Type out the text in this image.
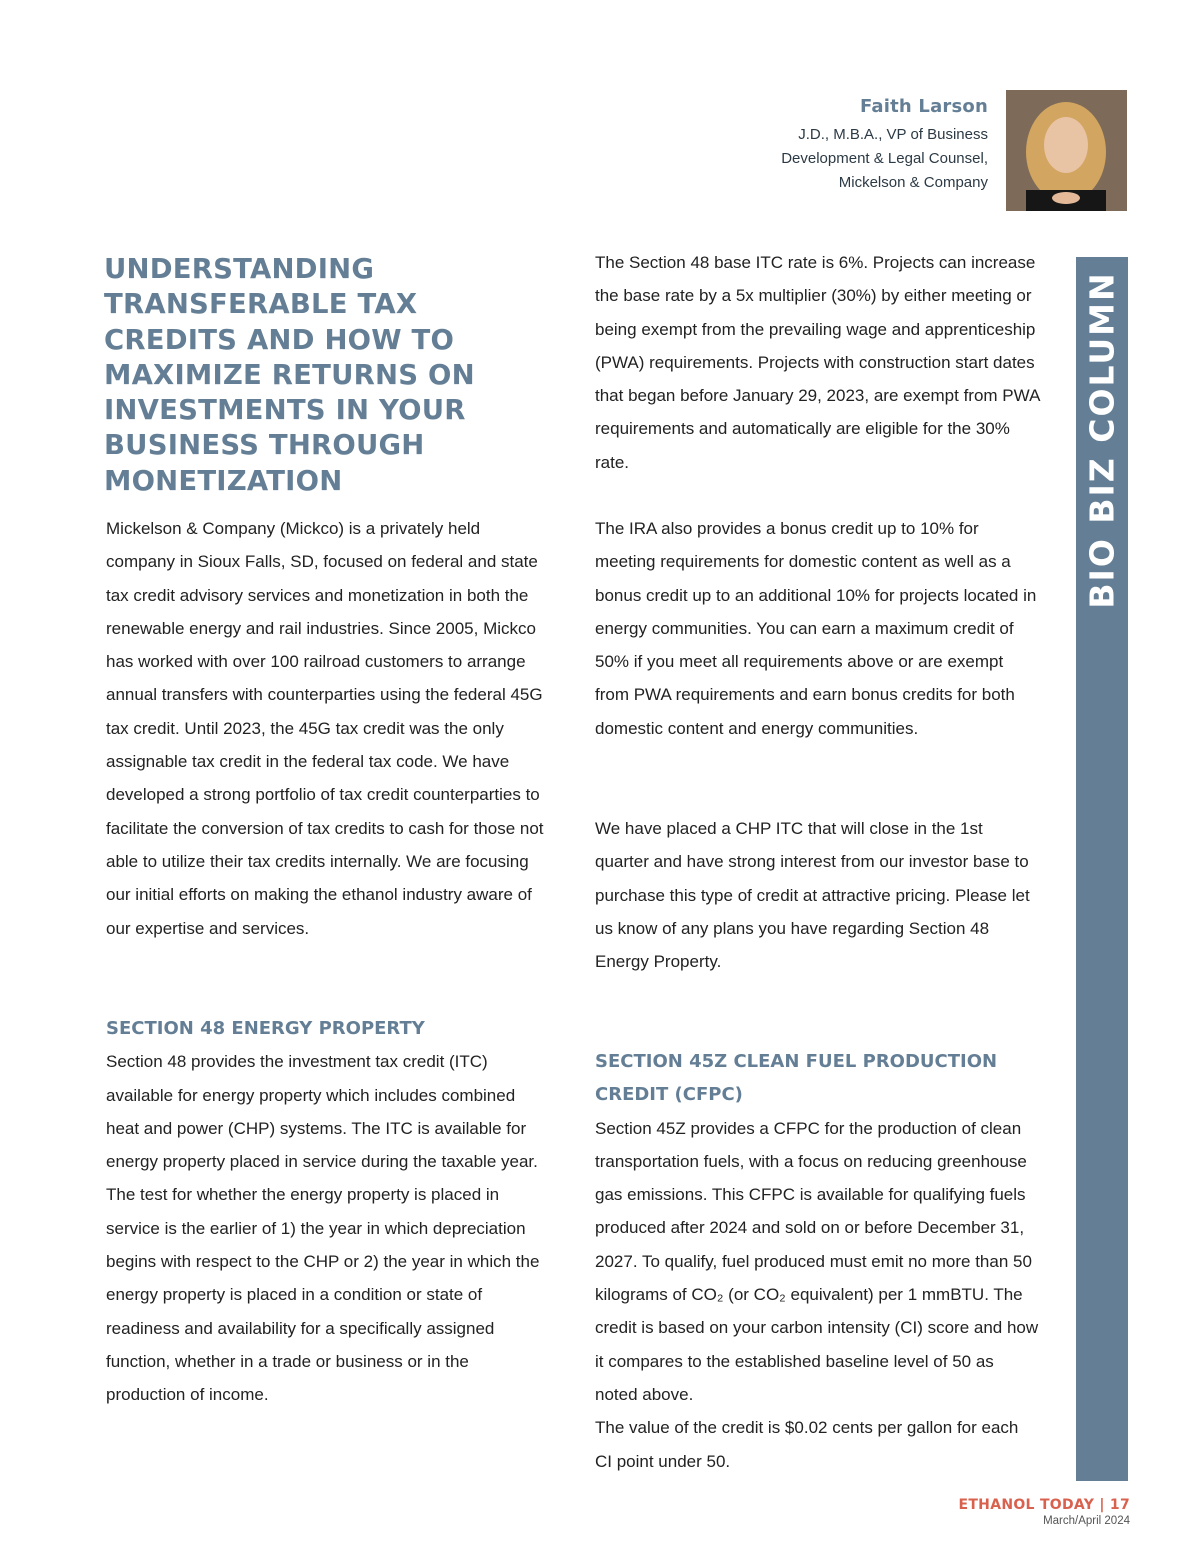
Faith Larson
J.D., M.B.A., VP of Business
Development & Legal Counsel,
Mickelson & Company
BIO BIZ COLUMN
UNDERSTANDING TRANSFERABLE TAX CREDITS AND HOW TO MAXIMIZE RETURNS ON INVESTMENTS IN YOUR BUSINESS THROUGH MONETIZATION

Mickelson & Company (Mickco) is a privately held company in Sioux Falls, SD, focused on federal and state tax credit advisory services and monetization in both the renewable energy and rail industries. Since 2005, Mickco has worked with over 100 railroad customers to arrange annual transfers with counterparties using the federal 45G tax credit. Until 2023, the 45G tax credit was the only assignable tax credit in the federal tax code. We have developed a strong portfolio of tax credit counterparties to facilitate the conversion of tax credits to cash for those not able to utilize their tax credits internally. We are focusing our initial efforts on making the ethanol industry aware of our expertise and services.

SECTION 48 ENERGY PROPERTY

Section 48 provides the investment tax credit (ITC) available for energy property which includes combined heat and power (CHP) systems. The ITC is available for energy property placed in service during the taxable year. The test for whether the energy property is placed in service is the earlier of 1) the year in which depreciation begins with respect to the CHP or 2) the year in which the energy property is placed in a condition or state of readiness and availability for a specifically assigned function, whether in a trade or business or in the production of income.

The Section 48 base ITC rate is 6%. Projects can increase the base rate by a 5x multiplier (30%) by either meeting or being exempt from the prevailing wage and apprenticeship (PWA) requirements. Projects with construction start dates that began before January 29, 2023, are exempt from PWA requirements and automatically are eligible for the 30% rate.

The IRA also provides a bonus credit up to 10% for meeting requirements for domestic content as well as a bonus credit up to an additional 10% for projects located in energy communities. You can earn a maximum credit of 50% if you meet all requirements above or are exempt from PWA requirements and earn bonus credits for both domestic content and energy communities.

We have placed a CHP ITC that will close in the 1st quarter and have strong interest from our investor base to purchase this type of credit at attractive pricing. Please let us know of any plans you have regarding Section 48 Energy Property.

SECTION 45Z CLEAN FUEL PRODUCTION CREDIT (CFPC)

Section 45Z provides a CFPC for the production of clean transportation fuels, with a focus on reducing greenhouse gas emissions. This CFPC is available for qualifying fuels produced after 2024 and sold on or before December 31, 2027. To qualify, fuel produced must emit no more than 50 kilograms of CO₂ (or CO₂ equivalent) per 1 mmBTU. The credit is based on your carbon intensity (CI) score and how it compares to the established baseline level of 50 as noted above.

The value of the credit is $0.02 cents per gallon for each CI point under 50.

ETHANOL TODAY | 17
March/April 2024
